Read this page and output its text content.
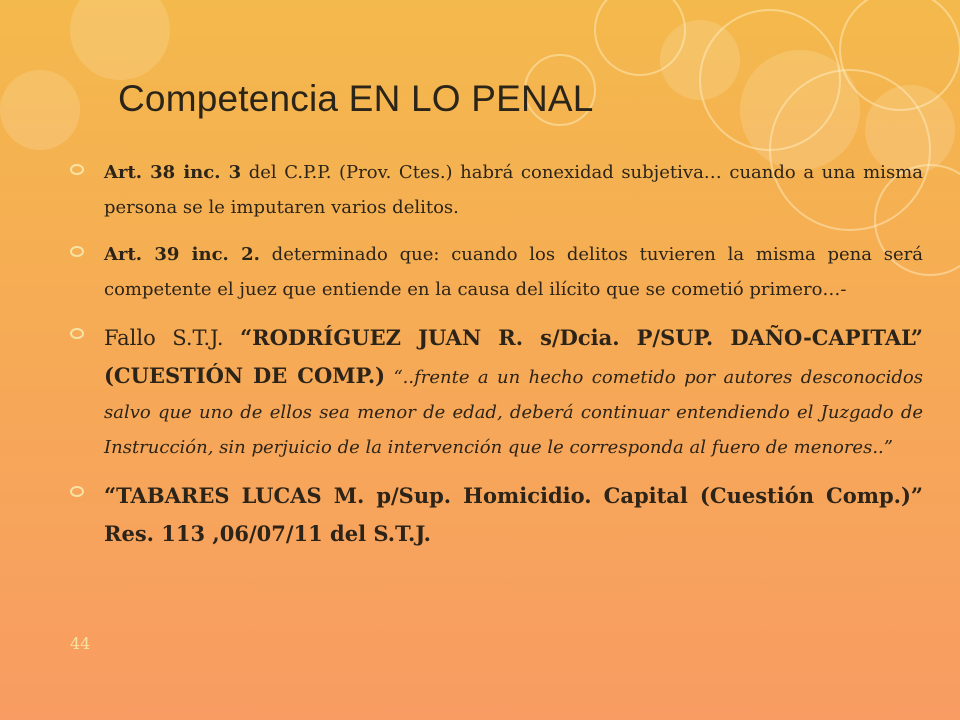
Competencia EN LO PENAL
Art. 38 inc. 3 del C.P.P. (Prov. Ctes.) habrá conexidad subjetiva… cuando a una misma persona se le imputaren varios delitos.
Art. 39 inc. 2. determinado que: cuando los delitos tuvieren la misma pena será competente el juez que entiende en la causa del ilícito que se cometió primero…-
Fallo S.T.J. “RODRÍGUEZ JUAN R. s/Dcia. P/SUP. DAÑO-CAPITAL” (CUESTIÓN DE COMP.) “..frente a un hecho cometido por autores desconocidos salvo que uno de ellos sea menor de edad, deberá continuar entendiendo el Juzgado de Instrucción, sin perjuicio de la intervención que le corresponda al fuero de menores..”
“TABARES LUCAS M. p/Sup. Homicidio. Capital (Cuestión Comp.)” Res. 113 ,06/07/11 del S.T.J.
44
